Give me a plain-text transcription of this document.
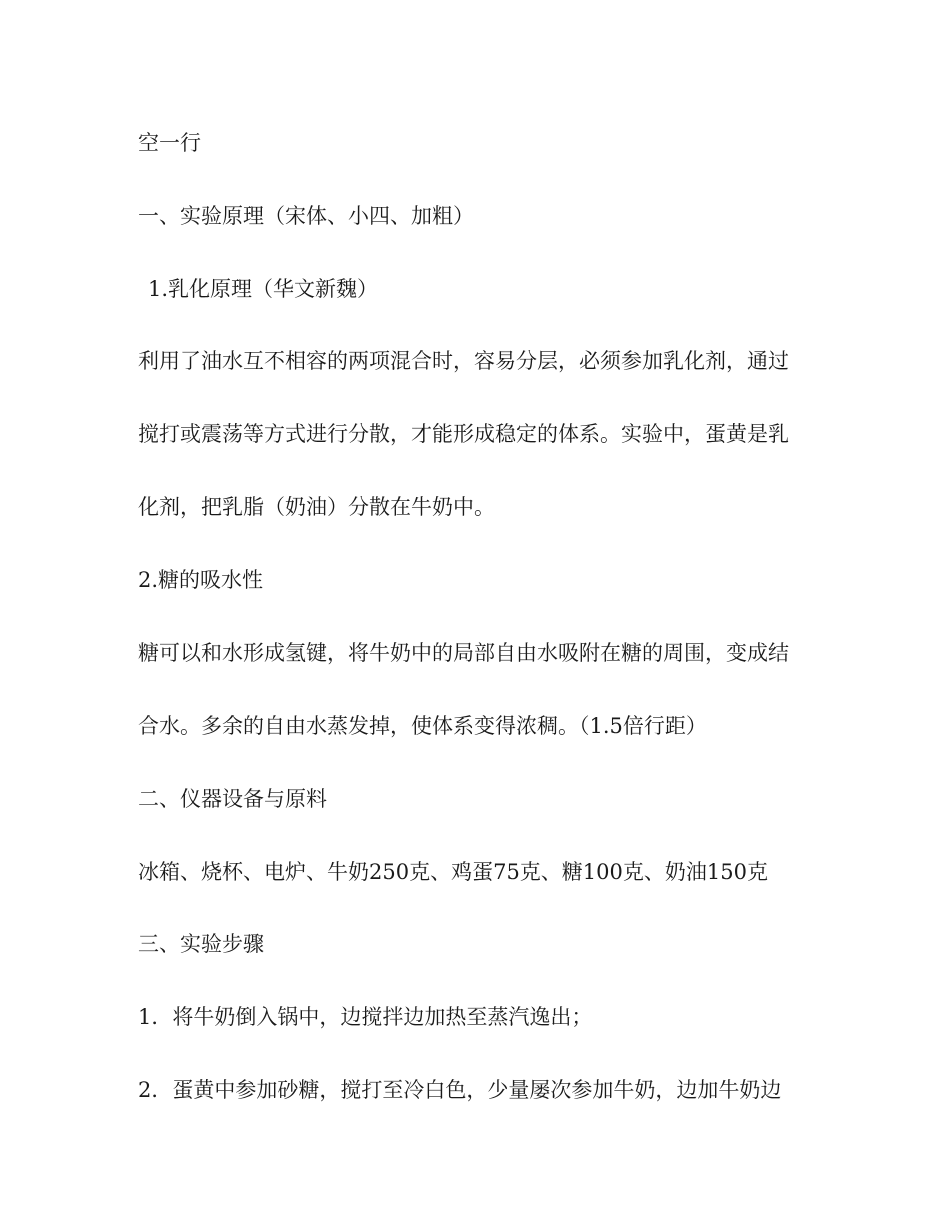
空一行
一、实验原理（宋体、小四、加粗）
1.乳化原理（华文新魏）
利用了油水互不相容的两项混合时，容易分层，必须参加乳化剂，通过
搅打或震荡等方式进行分散，才能形成稳定的体系。实验中，蛋黄是乳
化剂，把乳脂（奶油）分散在牛奶中。
2.糖的吸水性
糖可以和水形成氢键，将牛奶中的局部自由水吸附在糖的周围，变成结
合水。多余的自由水蒸发掉，使体系变得浓稠。（1.5倍行距）
二、仪器设备与原料
冰箱、烧杯、电炉、牛奶250克、鸡蛋75克、糖100克、奶油150克
三、实验步骤
1．将牛奶倒入锅中，边搅拌边加热至蒸汽逸出；
2．蛋黄中参加砂糖，搅打至冷白色，少量屡次参加牛奶，边加牛奶边
